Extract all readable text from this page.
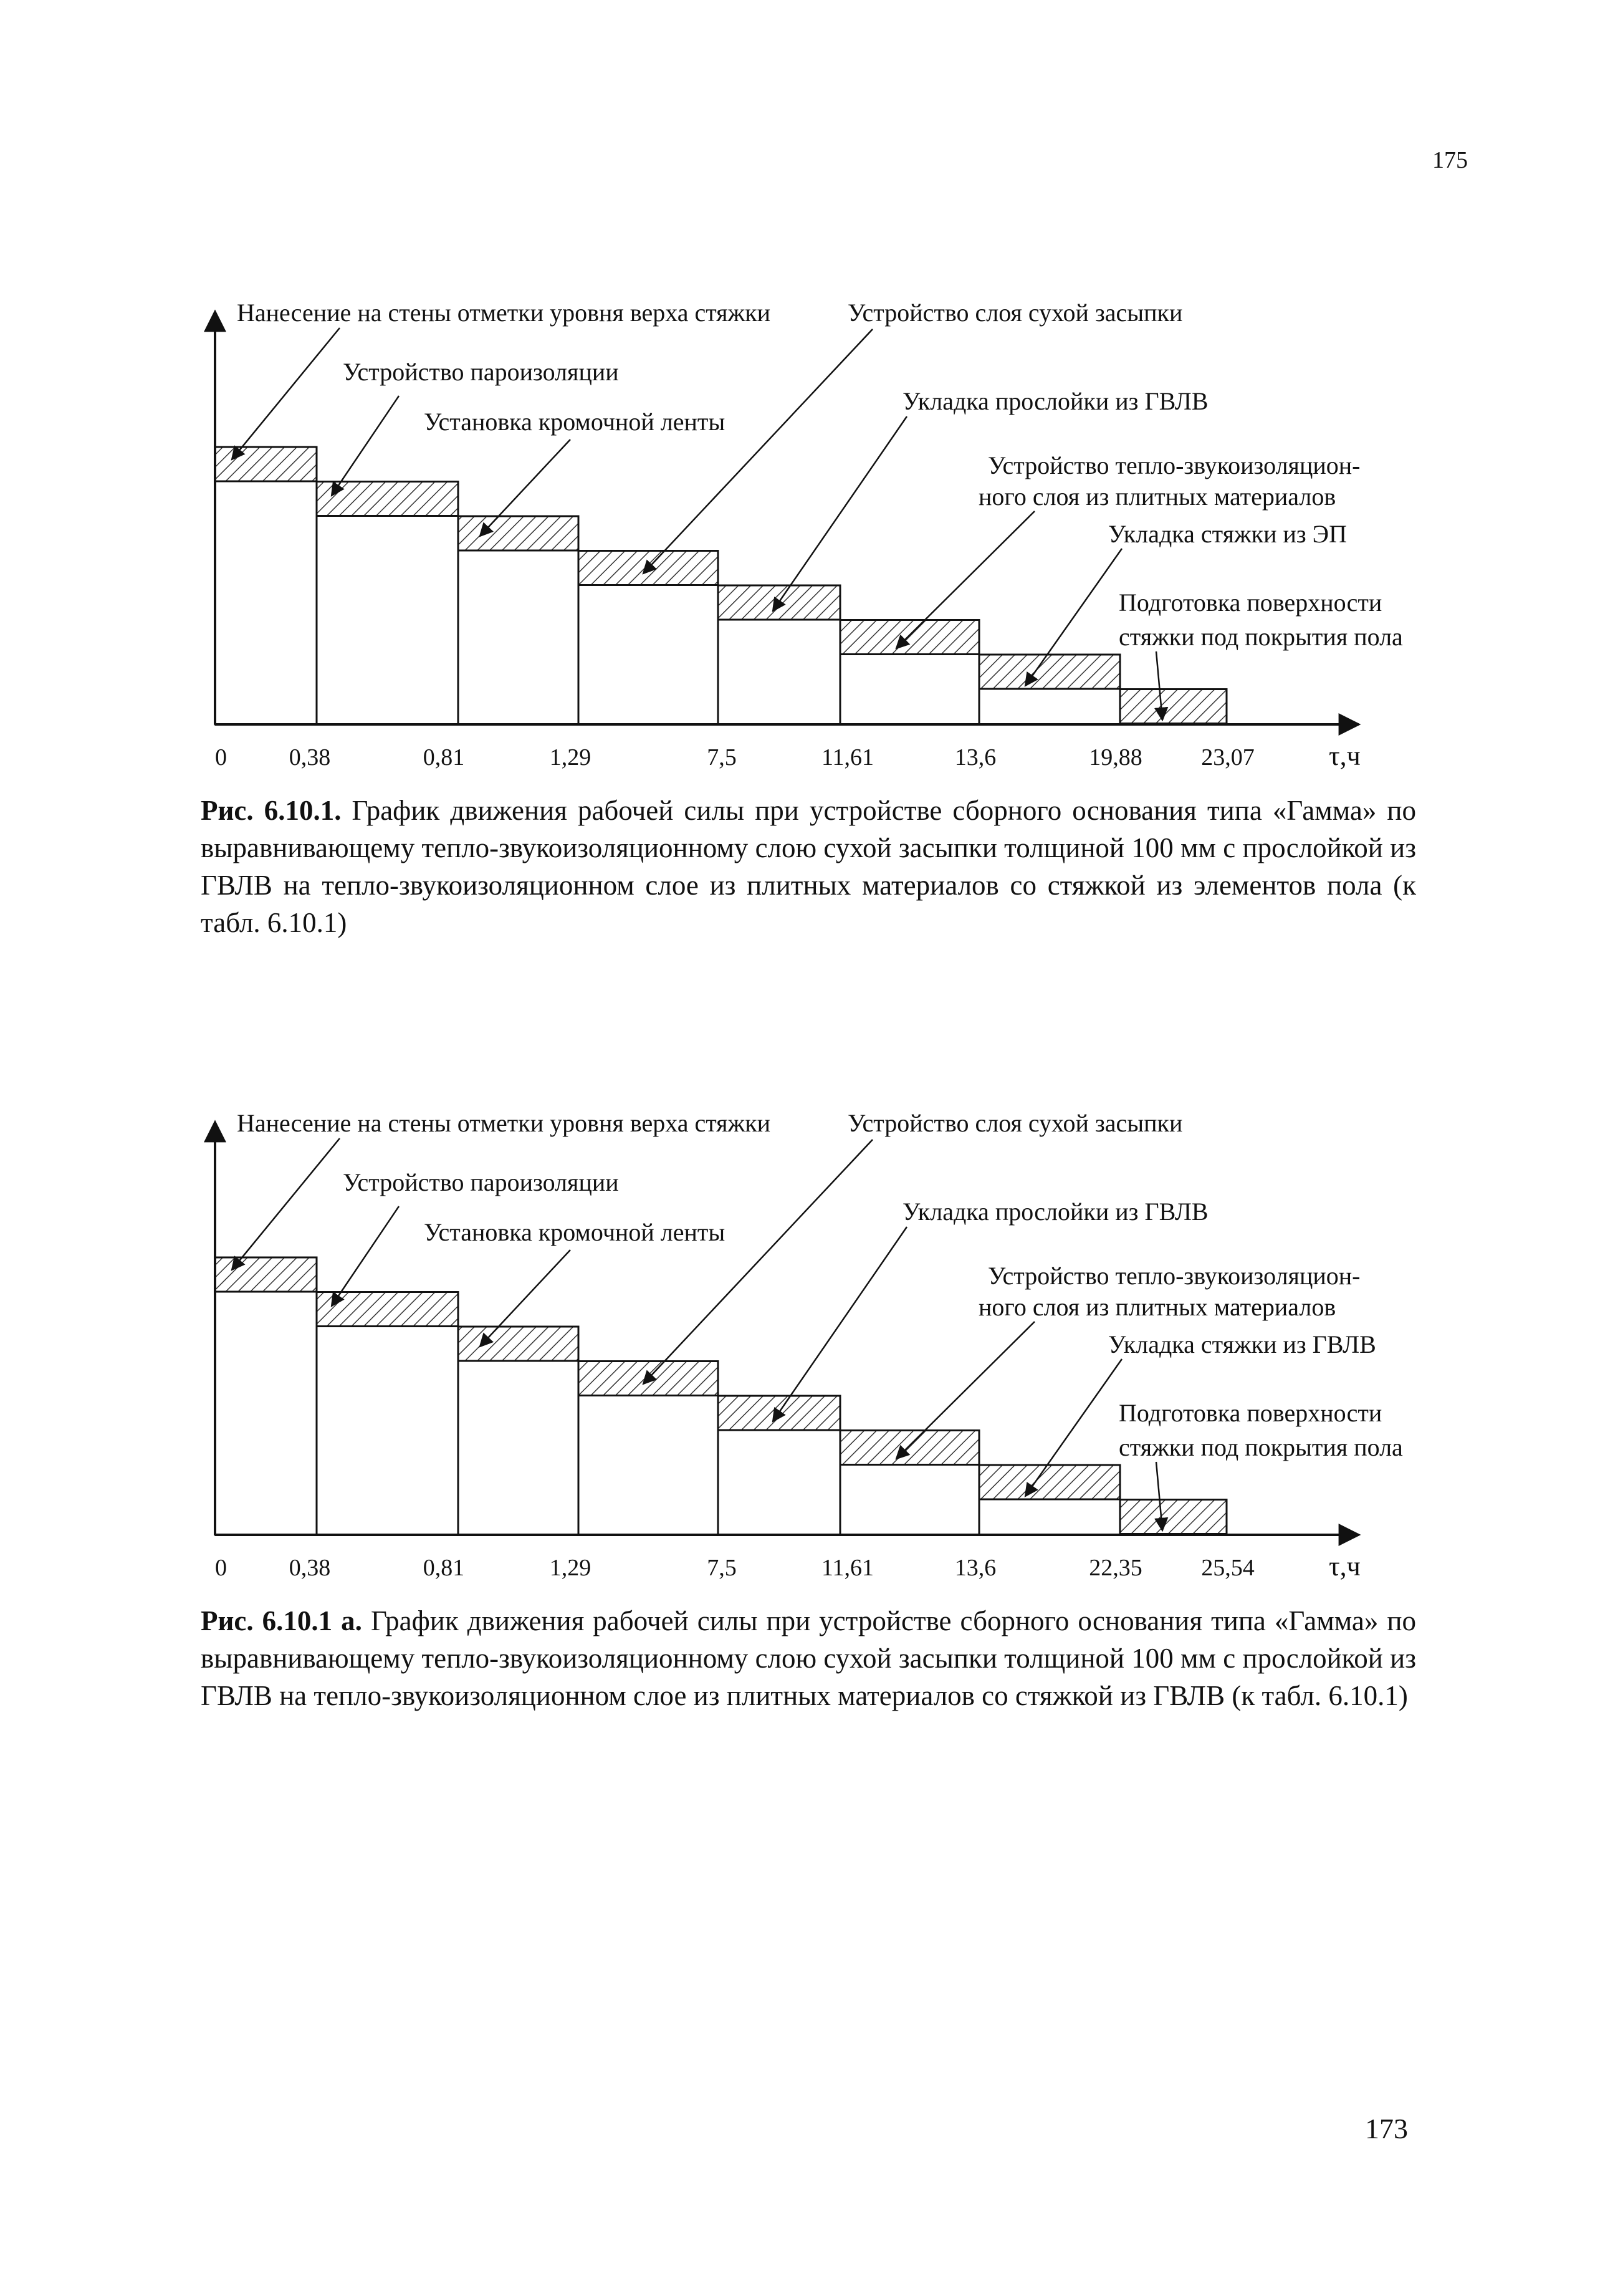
175
0	0,38	0,81	1,29	7,5	11,61	13,6	19,88 23,07	τ,ч
Нанесение на стены отметки уровня верха стяжки	Устройство слоя сухой засыпки
Устройство пароизоляции
Установка кромочной ленты
Укладка прослойки из ГВЛВ
Устройство тепло-звукоизоляцион-
ного слоя из плитных материалов
Укладка стяжки из ЭП
Подготовка поверхности
стяжки под покрытия пола
Рис. 6.10.1. График движения рабочей силы при устройстве сборного основания типа «Гамма» по выравнивающему тепло-звукоизоляционному слою сухой засыпки толщиной 100 мм с прослойкой из ГВЛВ на тепло-звукоизоляционном слое из плитных материалов со стяжкой из элементов пола (к табл. 6.10.1)
0	0,38	0,81	1,29	7,5	11,61	13,6	22,35 25,54	τ,ч
Нанесение на стены отметки уровня верха стяжки	Устройство слоя сухой засыпки
Устройство пароизоляции
Установка кромочной ленты
Укладка прослойки из ГВЛВ
Устройство тепло-звукоизоляцион-
ного слоя из плитных материалов
Укладка стяжки из ГВЛВ
Подготовка поверхности
стяжки под покрытия пола
Рис. 6.10.1 а. График движения рабочей силы при устройстве сборного основания типа «Гамма» по выравнивающему тепло-звукоизоляционному слою сухой засыпки толщиной 100 мм с прослойкой из ГВЛВ на тепло-звукоизоляционном слое из плитных материалов со стяжкой из ГВЛВ (к табл. 6.10.1)
173
